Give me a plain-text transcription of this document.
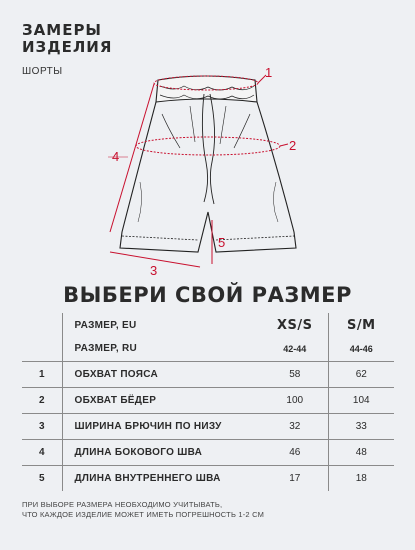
ЗАМЕРЫ
ИЗДЕЛИЯ
ШОРТЫ	1
2
3
4
5
ВЫБЕРИ СВОЙ РАЗМЕР
	РАЗМЕР, EU	XS/S	S/M
	РАЗМЕР, RU	42-44	44-46
1	ОБХВАТ ПОЯСА	58	62
2	ОБХВАТ БЁДЕР	100	104
3	ШИРИНА БРЮЧИН ПО НИЗУ	32	33
4	ДЛИНА БОКОВОГО ШВА	46	48
5	ДЛИНА ВНУТРЕННЕГО ШВА	17	18
ПРИ ВЫБОРЕ РАЗМЕРА НЕОБХОДИМО УЧИТЫВАТЬ,
ЧТО КАЖДОЕ ИЗДЕЛИЕ МОЖЕТ ИМЕТЬ ПОГРЕШНОСТЬ 1-2 СМ
